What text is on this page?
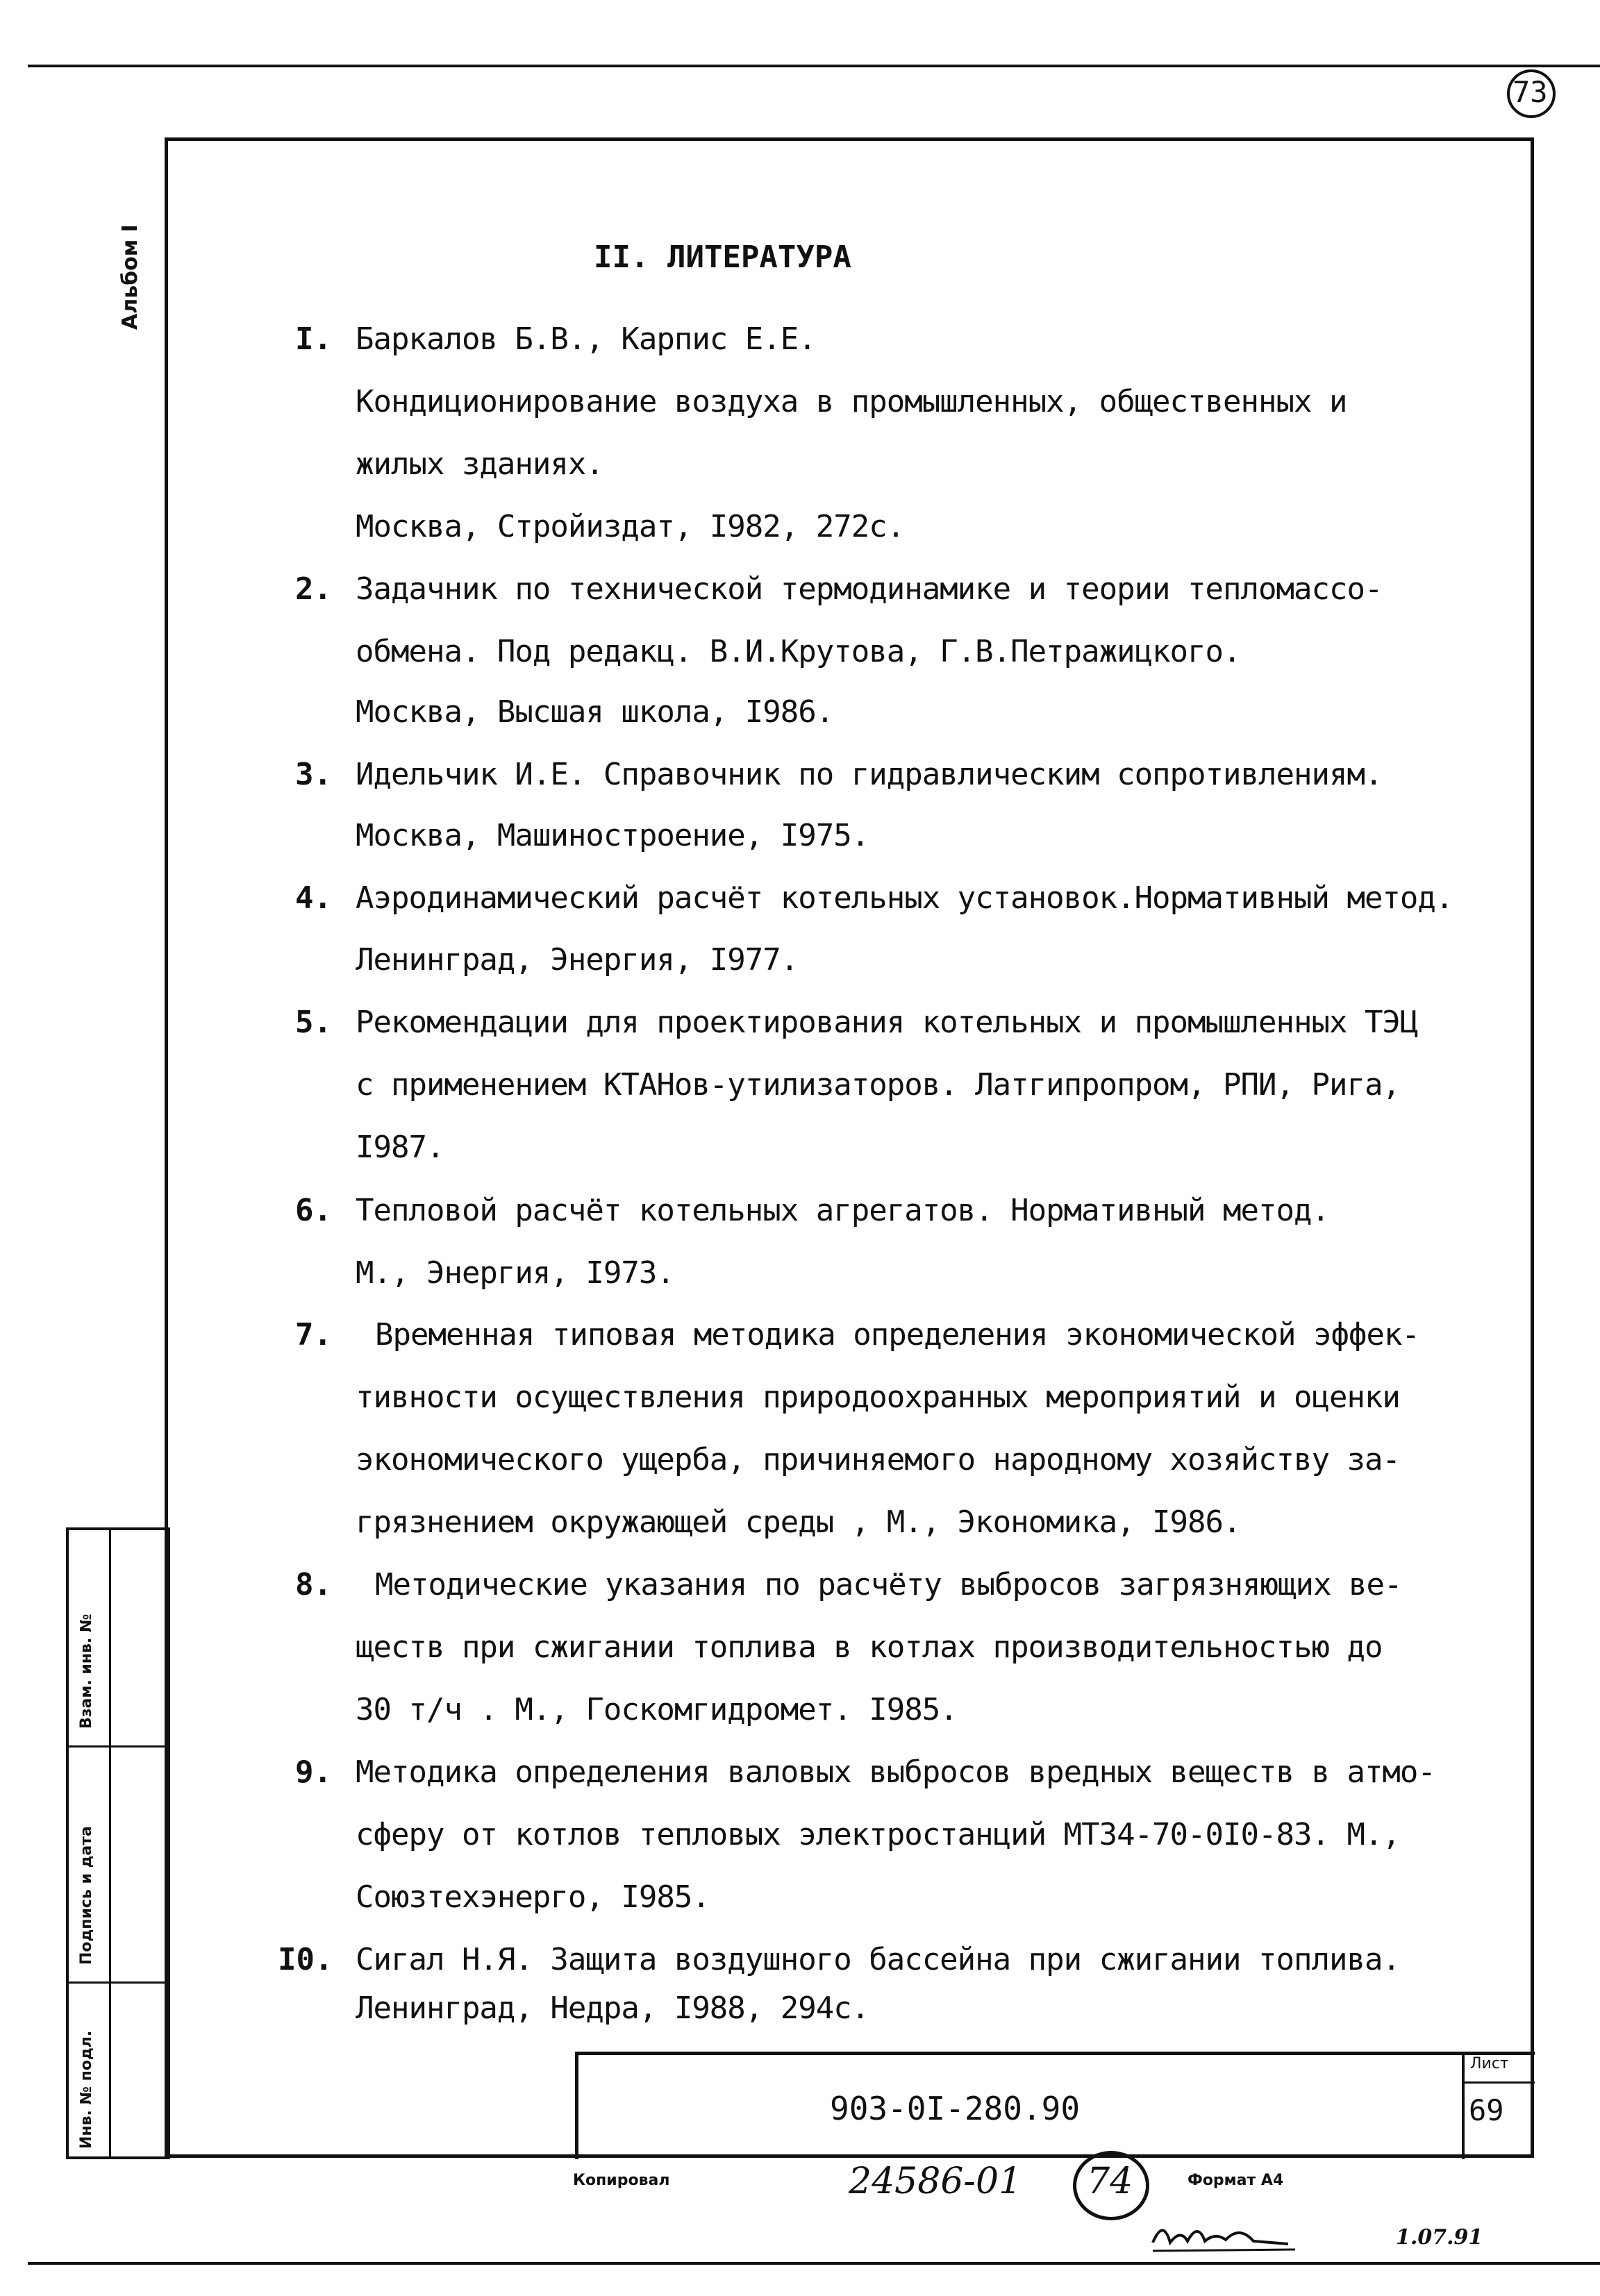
73
Альбом I
Взам. инв. №
Подпись и дата
Инв. № подл.
II. ЛИТЕРАТУРА
I. Баркалов Б.В., Карпис Е.Е.
Кондиционирование воздуха в промышленных, общественных и
жилых зданиях.
Москва, Стройиздат, I982, 272с.
2. Задачник по технической термодинамике и теории тепломассо-
обмена. Под редакц. В.И.Крутова, Г.В.Петражицкого.
Москва, Высшая школа, I986.
3. Идельчик И.Е. Справочник по гидравлическим сопротивлениям.
Москва, Машиностроение, I975.
4. Аэродинамический расчёт котельных установок.Нормативный метод.
Ленинград, Энергия, I977.
5. Рекомендации для проектирования котельных и промышленных ТЭЦ
с применением КТАНов-утилизаторов. Латгипропром, РПИ, Рига,
I987.
6. Тепловой расчёт котельных агрегатов. Нормативный метод.
М., Энергия, I973.
7. Временная типовая методика определения экономической эффек-
тивности осуществления природоохранных мероприятий и оценки
экономического ущерба, причиняемого народному хозяйству за-
грязнением окружающей среды , М., Экономика, I986.
8. Методические указания по расчёту выбросов загрязняющих ве-
ществ при сжигании топлива в котлах производительностью до
30 т/ч . М., Госкомгидромет. I985.
9. Методика определения валовых выбросов вредных веществ в атмо-
сферу от котлов тепловых электростанций МТ34-70-0I0-83. М.,
Союзтехэнерго, I985.
I0. Сигал Н.Я. Защита воздушного бассейна при сжигании топлива.
Ленинград, Недра, I988, 294с.
903-0I-280.90
Лист
69
Копировал	24586-01 74	Формат А4
1.07.91
